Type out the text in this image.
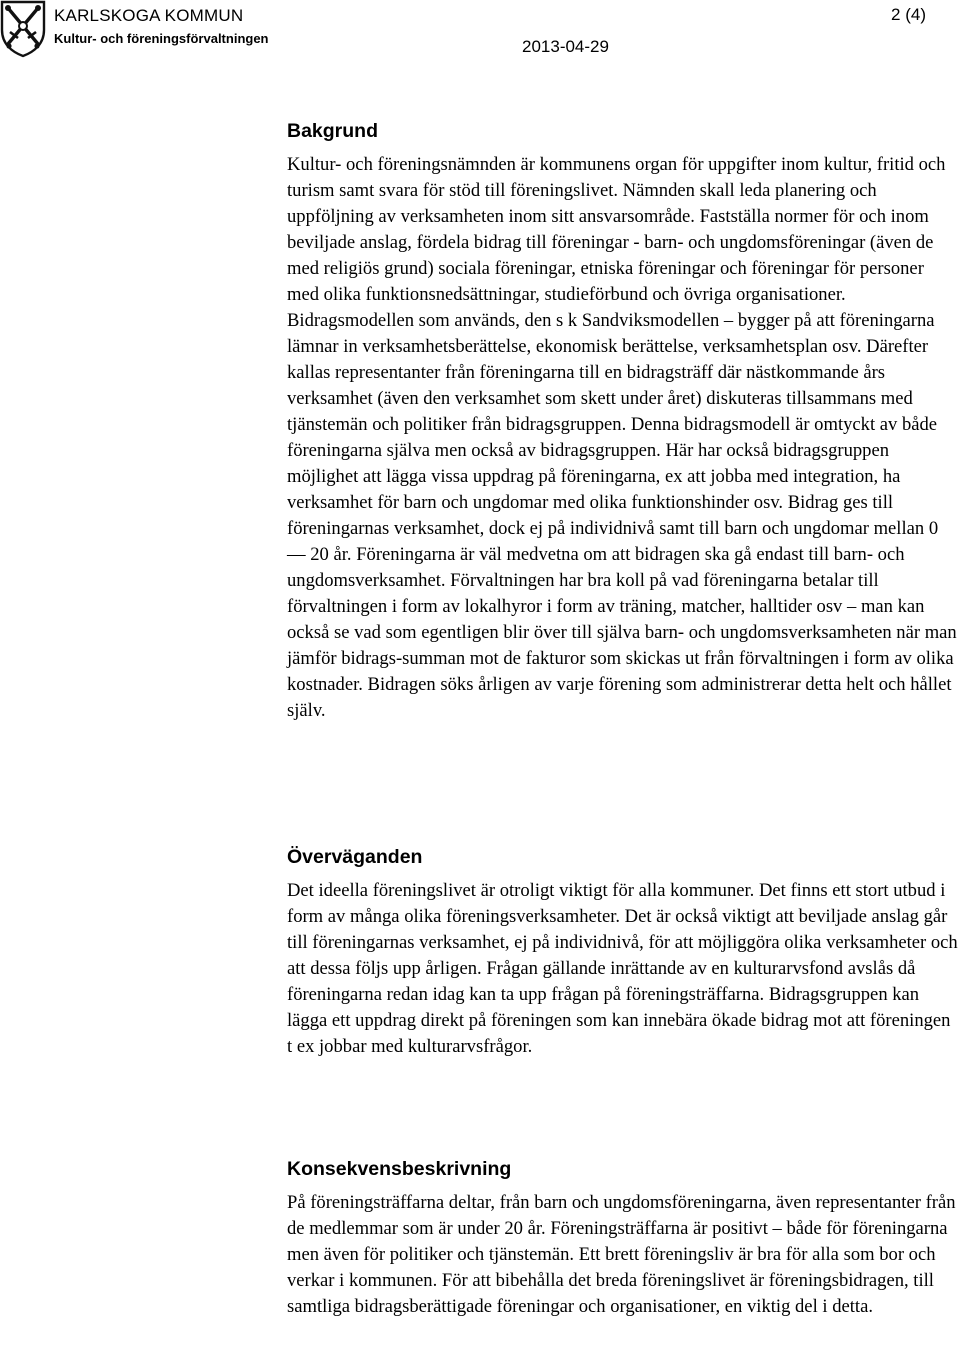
KARLSKOGA KOMMUN
Kultur- och föreningsförvaltningen
2 (4)
2013-04-29
Bakgrund

Kultur- och föreningsnämnden är kommunens organ för uppgifter inom kultur, fritid och turism samt svara för stöd till föreningslivet. Nämnden skall leda planering och uppföljning av verksamheten inom sitt ansvarsområde. Fastställa normer för och inom beviljade anslag, fördela bidrag till föreningar - barn- och ungdomsföreningar (även de med religiös grund) sociala föreningar, etniska föreningar och föreningar för personer med olika funktionsnedsättningar, studieförbund och övriga organisationer. Bidragsmodellen som används, den s k Sandviksmodellen – bygger på att föreningarna lämnar in verksamhetsberättelse, ekonomisk berättelse, verksamhetsplan osv. Därefter kallas representanter från föreningarna till en bidragsträff där nästkommande års verksamhet (även den verksamhet som skett under året) diskuteras tillsammans med tjänstemän och politiker från bidragsgruppen. Denna bidragsmodell är omtyckt av både föreningarna själva men också av bidragsgruppen. Här har också bidragsgruppen möjlighet att lägga vissa uppdrag på föreningarna, ex att jobba med integration, ha verksamhet för barn och ungdomar med olika funktionshinder osv. Bidrag ges till föreningarnas verksamhet, dock ej på individnivå samt till barn och ungdomar mellan 0 — 20 år. Föreningarna är väl medvetna om att bidragen ska gå endast till barn- och ungdomsverksamhet. Förvaltningen har bra koll på vad föreningarna betalar till förvaltningen i form av lokalhyror i form av träning, matcher, halltider osv – man kan också se vad som egentligen blir över till själva barn- och ungdomsverksamheten när man jämför bidrags-summan mot de fakturor som skickas ut från förvaltningen i form av olika kostnader. Bidragen söks årligen av varje förening som administrerar detta helt och hållet själv.

Överväganden

Det ideella föreningslivet är otroligt viktigt för alla kommuner. Det finns ett stort utbud i form av många olika föreningsverksamheter. Det är också viktigt att beviljade anslag går till föreningarnas verksamhet, ej på individnivå, för att möjliggöra olika verksamheter och att dessa följs upp årligen. Frågan gällande inrättande av en kulturarvsfond avslås då föreningarna redan idag kan ta upp frågan på föreningsträffarna. Bidragsgruppen kan lägga ett uppdrag direkt på föreningen som kan innebära ökade bidrag mot att föreningen t ex jobbar med kulturarvsfrågor.

Konsekvensbeskrivning

På föreningsträffarna deltar, från barn och ungdomsföreningarna, även representanter från de medlemmar som är under 20 år. Föreningsträffarna är positivt – både för föreningarna men även för politiker och tjänstemän. Ett brett föreningsliv är bra för alla som bor och verkar i kommunen. För att bibehålla det breda föreningslivet är föreningsbidragen, till samtliga bidragsberättigade föreningar och organisationer, en viktig del i detta.
